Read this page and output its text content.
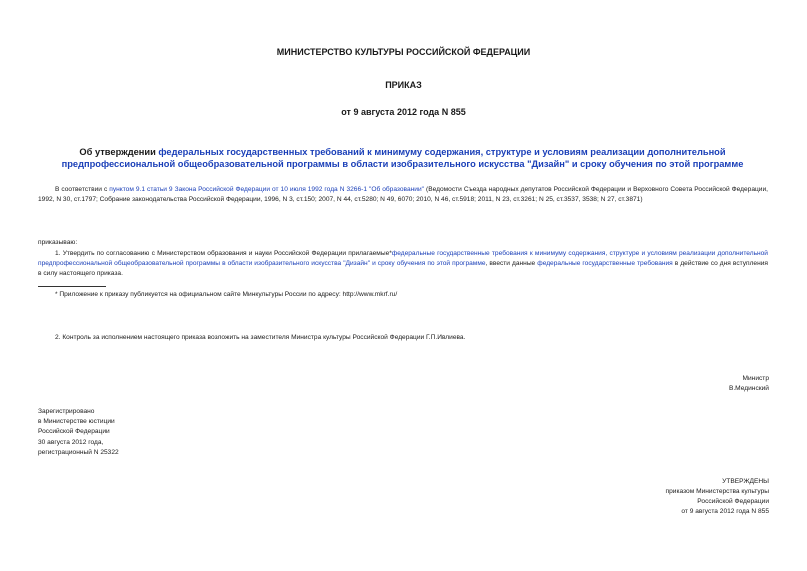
МИНИСТЕРСТВО КУЛЬТУРЫ РОССИЙСКОЙ ФЕДЕРАЦИИ
ПРИКАЗ
от 9 августа 2012 года N 855
Об утверждении федеральных государственных требований к минимуму содержания, структуре и условиям реализации дополнительной предпрофессиональной общеобразовательной программы в области изобразительного искусства "Дизайн" и сроку обучения по этой программе
В соответствии с пунктом 9.1 статьи 9 Закона Российской Федерации от 10 июля 1992 года N 3266-1 "Об образовании" (Ведомости Съезда народных депутатов Российской Федерации и Верховного Совета Российской Федерации, 1992, N 30, ст.1797; Собрание законодательства Российской Федерации, 1996, N 3, ст.150; 2007, N 44, ст.5280; N 49, 6070; 2010, N 46, ст.5918; 2011, N 23, ст.3261; N 25, ст.3537, 3538; N 27, ст.3871)
приказываю:
1. Утвердить по согласованию с Министерством образования и науки Российской Федерации прилагаемые*федеральные государственные требования к минимуму содержания, структуре и условиям реализации дополнительной предпрофессиональной общеобразовательной программы в области изобразительного искусства "Дизайн" и сроку обучения по этой программе, ввести данные федеральные государственные требования в действие со дня вступления в силу настоящего приказа.
* Приложение к приказу публикуется на официальном сайте Минкультуры России по адресу: http://www.mkrf.ru/
2. Контроль за исполнением настоящего приказа возложить на заместителя Министра культуры Российской Федерации Г.П.Ивлиева.
Министр
В.Мединский
Зарегистрировано
в Министерстве юстиции
Российской Федерации
30 августа 2012 года,
регистрационный N 25322
УТВЕРЖДЕНЫ
приказом Министерства культуры
Российской Федерации
от 9 августа 2012 года N 855
